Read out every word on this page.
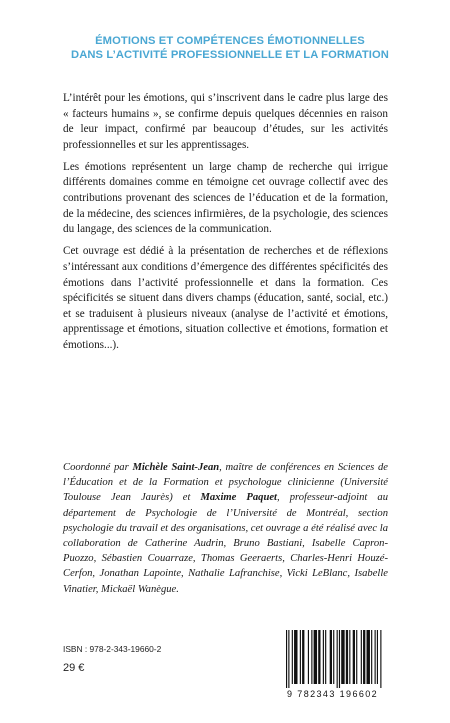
ÉMOTIONS ET COMPÉTENCES ÉMOTIONNELLES
DANS L’ACTIVITÉ PROFESSIONNELLE ET LA FORMATION

L’intérêt pour les émotions, qui s’inscrivent dans le cadre plus large des « facteurs humains », se confirme depuis quelques décennies en raison de leur impact, confirmé par beaucoup d’études, sur les activités professionnelles et sur les apprentissages.

Les émotions représentent un large champ de recherche qui irrigue différents domaines comme en témoigne cet ouvrage collectif avec des contributions provenant des sciences de l’éducation et de la formation, de la médecine, des sciences infirmières, de la psychologie, des sciences du langage, des sciences de la communication.

Cet ouvrage est dédié à la présentation de recherches et de réflexions s’intéressant aux conditions d’émergence des différentes spécificités des émotions dans l’activité professionnelle et dans la formation. Ces spécificités se situent dans divers champs (éducation, santé, social, etc.) et se traduisent à plusieurs niveaux (analyse de l’activité et émotions, apprentissage et émotions, situation collective et émotions, formation et émotions...).

Coordonné par Michèle Saint-Jean, maître de conférences en Sciences de l’Éducation et de la Formation et psychologue clinicienne (Université Toulouse Jean Jaurès) et Maxime Paquet, professeur-adjoint au département de Psychologie de l’Université de Montréal, section psychologie du travail et des organisations, cet ouvrage a été réalisé avec la collaboration de Catherine Audrin, Bruno Bastiani, Isabelle Capron-Puozzo, Sébastien Couarraze, Thomas Geeraerts, Charles-Henri Houzé-Cerfon, Jonathan Lapointe, Nathalie Lafranchise, Vicki LeBlanc, Isabelle Vinatier, Mickaël Wanègue.
ISBN : 978-2-343-19660-2
29 €
9 782343 196602
